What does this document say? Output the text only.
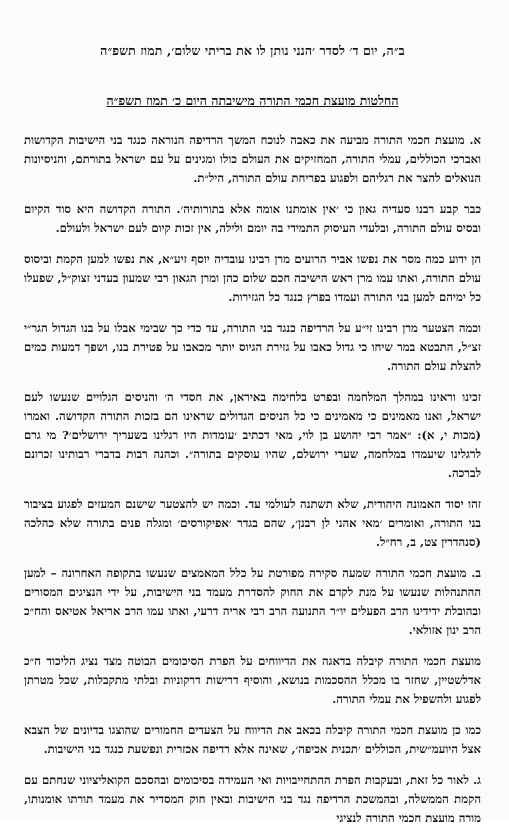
ב״ה, יום ד׳ לסדר ׳הנני נותן לו את בריתי שלום׳, תמוז תשפ״ה
החלטות מועצת חכמי התורה מישיבתה היום כ׳ תמוז תשפ״ה

א. מועצת חכמי התורה מביעה את כאבה לנוכח המשך הרדיפה הנוראה כנגד בני הישיבות הקדושות ואברכי הכוללים, עמלי התורה, המחזיקים את העולם כולו ומגינים על עם ישראל בתורתם, והניסיונות הנואלים להצר את רגליהם ולפגוע בפריחת עולם התורה, היל״ת.

כבר קבע רבנו סעדיה גאון כי ׳אין אומתנו אומה אלא בתורותיה׳. התורה הקדושה היא סוד הקיום ובסיס עולם התורה, ובלעדי העיסוק התמידי בה יומם ולילה, אין זכות קיום לעם ישראל ולעולם.

הן ידוע כמה מסר את נפשו אביר הרועים מרן רבינו עובדיה יוסף זיע״א, את נפשו למען הקמת וביסוס עולם התורה, ואתו עמו מרן ראש הישיבה חכם שלום כהן ומרן הגאון רבי שמעון בעדני זצוק״ל, שפעלו כל ימיהם למען בני התורה ועמדו בפרץ כנגד כל הגזירות.

וכמה הצטער מרן רבינו זי״ע על הרדיפה כנגד בני התורה, עד כדי כך שבימי אבלו על בנו הגדול הגר״י זצ״ל, התבטא במר שיחו כי גדול כאבו על גזירת הגיוס יותר מכאבו על פטירת בנו, ושפך דמעות כמים להצלת עולם התורה.

זכינו וראינו במהלך המלחמה ובפרט בלחימה באיראן, את חסדי ה׳ והניסים הגלויים שנעשו לעם ישראל, ואנו מאמינים כי מאמינים כי כל הניסים הגדולים שראינו הם בזכות התורה הקדושה. ואמרו (מכות י, א): ״אמר רבי יהושע בן לוי, מאי דכתיב ׳עומדות היו רגלינו בשעריך ירושלים׳? מי גרם לרגלינו שיעמדו במלחמה, שערי ירושלם, שהיו עוסקים בתורה״. וכהנה רבות בדברי רבותינו זכרונם לברכה.

זהו יסוד האמונה היהודית, שלא תשתנה לעולמי עד. וכמה יש להצטער שישנם המעזים לפגוע בציבור בני התורה, ואומרים ׳מאי אהני לן רבנן׳, שהם בגדר ׳אפיקורסים׳ ומגלה פנים בתורה שלא כהלכה (סנהדרין צט, ב, רח״ל.

ב. מועצת חכמי התורה שמעה סקירה מפורטת על כלל המאמצים שנעשו בתקופה האחרונה – למען ההתנהלות שנעשו על מנת לקדם את החוק להסדרת מעמד בני הישיבות, על ידי הנציגים המסורים ובהובלת ידידינו הרב הפעלים יו״ר התנועה הרב רבי אריה דרעי, ואתו עמו הרב אריאל אטיאס והח״כ הרב ינון אזולאי.

מועצת חכמי התורה קיבלה בדאגה את הדיווחים על הפרת הסיכומים הבוטה מצד נציג הליכוד ח״כ אדלשטיין, שחזר בו מכלל ההסכמות בנושא, והוסיף דרישות דרקוניות ובלתי מתקבלות, שכל מטרתן לפגוע ולהשפיל את עמלי התורה.

כמו כן מועצת חכמי התורה קיבלה בכאב את הדיווח על הצעדים החמורים שהוצגו בדיונים של הצבא אצל היועמ״שית, הכוללים ׳תכנית אכיפה׳, שאינה אלא רדיפה אכזרית ונפשעת כנגד בני הישיבות.

ג. לאור כל זאת, ובעקבות הפרת ההתחייבויות ואי העמידה בסיכומים ובהסכם הקואליציוני שנחתם עם הקמת הממשלה, ובהמשכת הרדיפה נגד בני הישיבות ובאין חוק המסדיר את מעמד תורתו אומנותו, מורה מועצת חכמי התורה לנציגי
